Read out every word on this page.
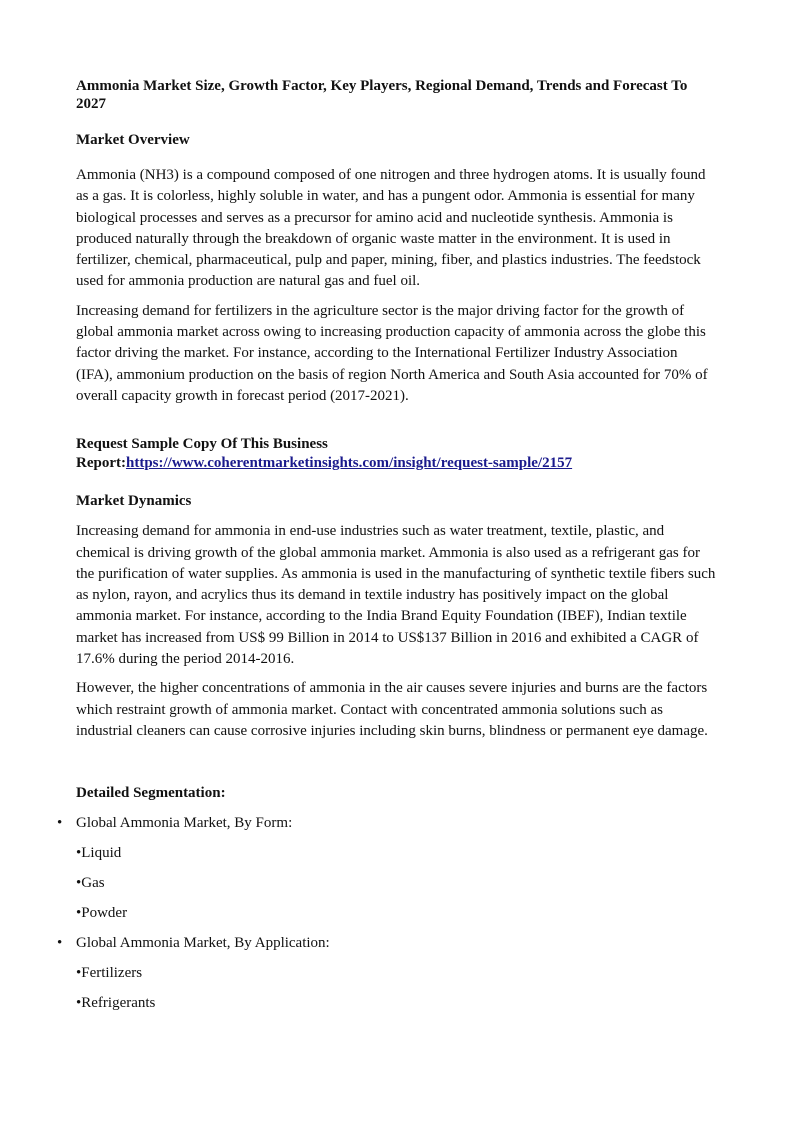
Ammonia Market Size, Growth Factor, Key Players, Regional Demand, Trends and Forecast To 2027
Market Overview

Ammonia (NH3) is a compound composed of one nitrogen and three hydrogen atoms. It is usually found as a gas. It is colorless, highly soluble in water, and has a pungent odor. Ammonia is essential for many biological processes and serves as a precursor for amino acid and nucleotide synthesis. Ammonia is produced naturally through the breakdown of organic waste matter in the environment. It is used in fertilizer, chemical, pharmaceutical, pulp and paper, mining, fiber, and plastics industries. The feedstock used for ammonia production are natural gas and fuel oil.

Increasing demand for fertilizers in the agriculture sector is the major driving factor for the growth of global ammonia market across owing to increasing production capacity of ammonia across the globe this factor driving the market. For instance, according to the International Fertilizer Industry Association (IFA), ammonium production on the basis of region North America and South Asia accounted for 70% of overall capacity growth in forecast period (2017-2021).

Request Sample Copy Of This Business
Report:https://www.coherentmarketinsights.com/insight/request-sample/2157
Market Dynamics

Increasing demand for ammonia in end-use industries such as water treatment, textile, plastic, and chemical is driving growth of the global ammonia market. Ammonia is also used as a refrigerant gas for the purification of water supplies. As ammonia is used in the manufacturing of synthetic textile fibers such as nylon, rayon, and acrylics thus its demand in textile industry has positively impact on the global ammonia market. For instance, according to the India Brand Equity Foundation (IBEF), Indian textile market has increased from US$ 99 Billion in 2014 to US$137 Billion in 2016 and exhibited a CAGR of 17.6% during the period 2014-2016.

However, the higher concentrations of ammonia in the air causes severe injuries and burns are the factors which restraint growth of ammonia market. Contact with concentrated ammonia solutions such as industrial cleaners can cause corrosive injuries including skin burns, blindness or permanent eye damage.

Detailed Segmentation:
• Global Ammonia Market, By Form:
•Liquid
•Gas
•Powder
• Global Ammonia Market, By Application:
•Fertilizers
•Refrigerants
